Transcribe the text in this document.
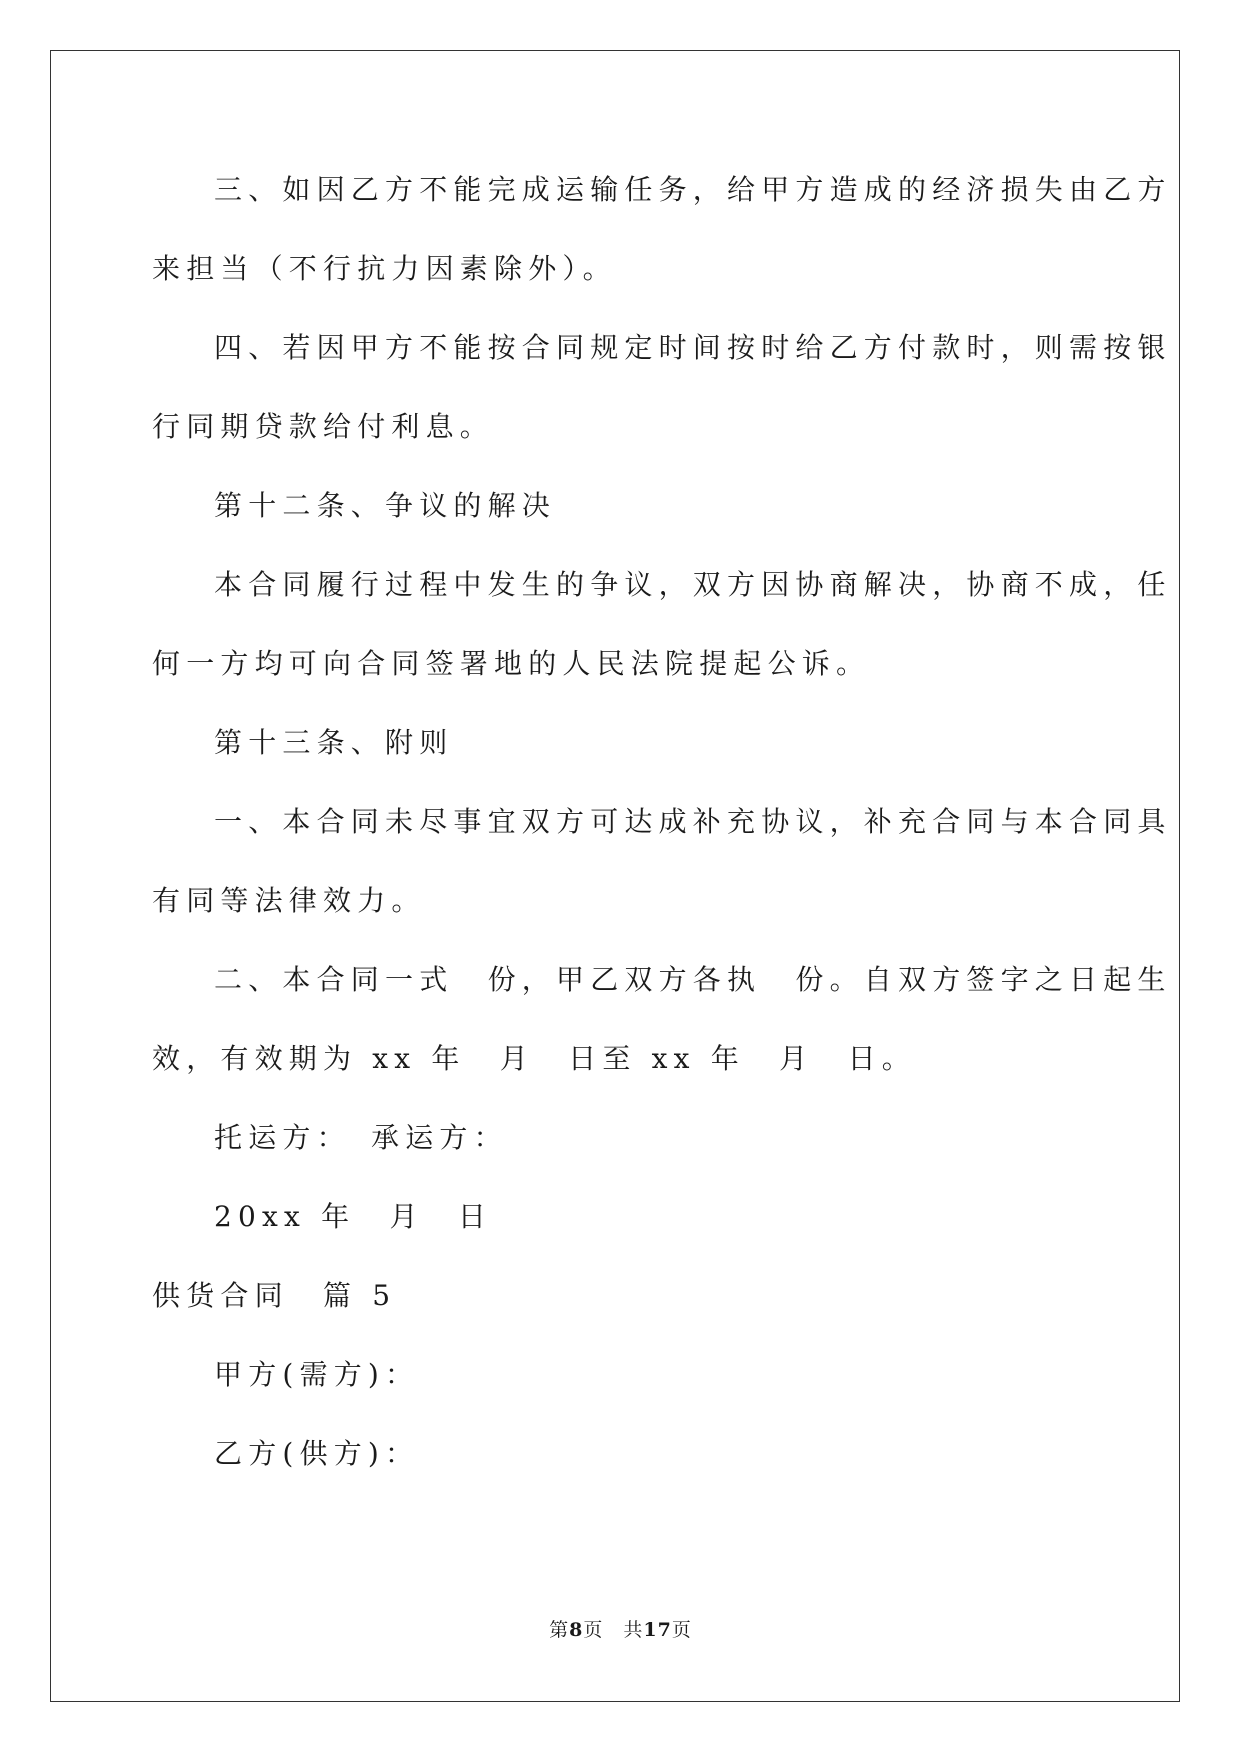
三、如因乙方不能完成运输任务，给甲方造成的经济损失由乙方
来担当（不行抗力因素除外）。
四、若因甲方不能按合同规定时间按时给乙方付款时，则需按银
行同期贷款给付利息。
第十二条、争议的解决
本合同履行过程中发生的争议，双方因协商解决，协商不成，任
何一方均可向合同签署地的人民法院提起公诉。
第十三条、附则
一、本合同未尽事宜双方可达成补充协议，补充合同与本合同具
有同等法律效力。
二、本合同一式　份，甲乙双方各执　份。自双方签字之日起生
效，有效期为 xx 年　月　日至 xx 年　月　日。
托运方：　承运方：
20xx 年　月　日
供货合同　篇 5
甲方(需方)：
乙方(供方)：
第8页　共17页
